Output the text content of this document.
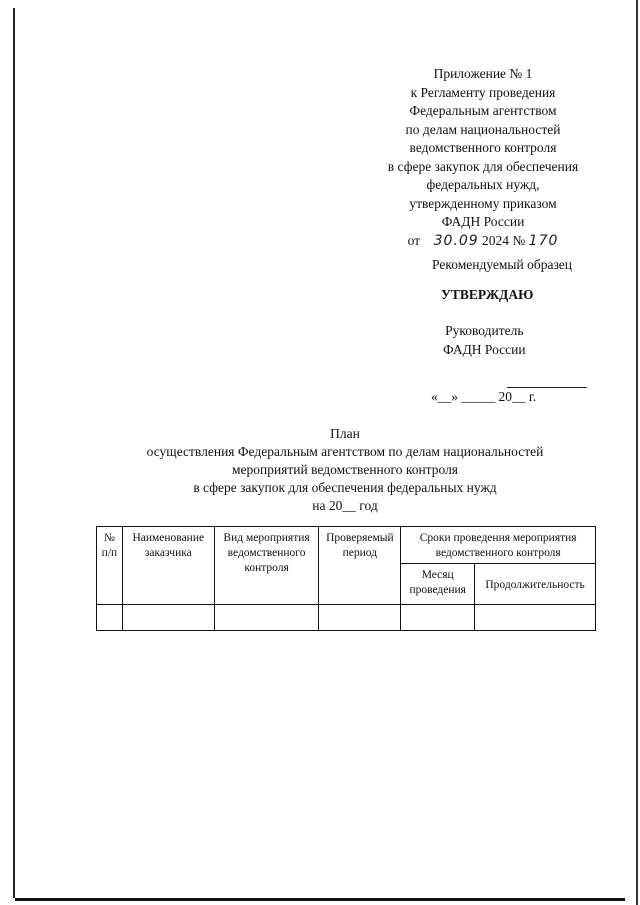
Приложение № 1
к Регламенту проведения
Федеральным агентством
по делам национальностей
ведомственного контроля
в сфере закупок для обеспечения
федеральных нужд,
утвержденному приказом
ФАДН России
от 30.09 2024 № 170
Рекомендуемый образец
УТВЕРЖДАЮ
Руководитель
ФАДН России
«__» _____ 20__ г.
План
осуществления Федеральным агентством по делам национальностей
мероприятий ведомственного контроля
в сфере закупок для обеспечения федеральных нужд
на 20__ год
№ п/п	Наименование заказчика	Вид мероприятия ведомственного контроля	Проверяемый период	Сроки проведения мероприятия ведомственного контроля	
				Месяц проведения	Продолжительность
